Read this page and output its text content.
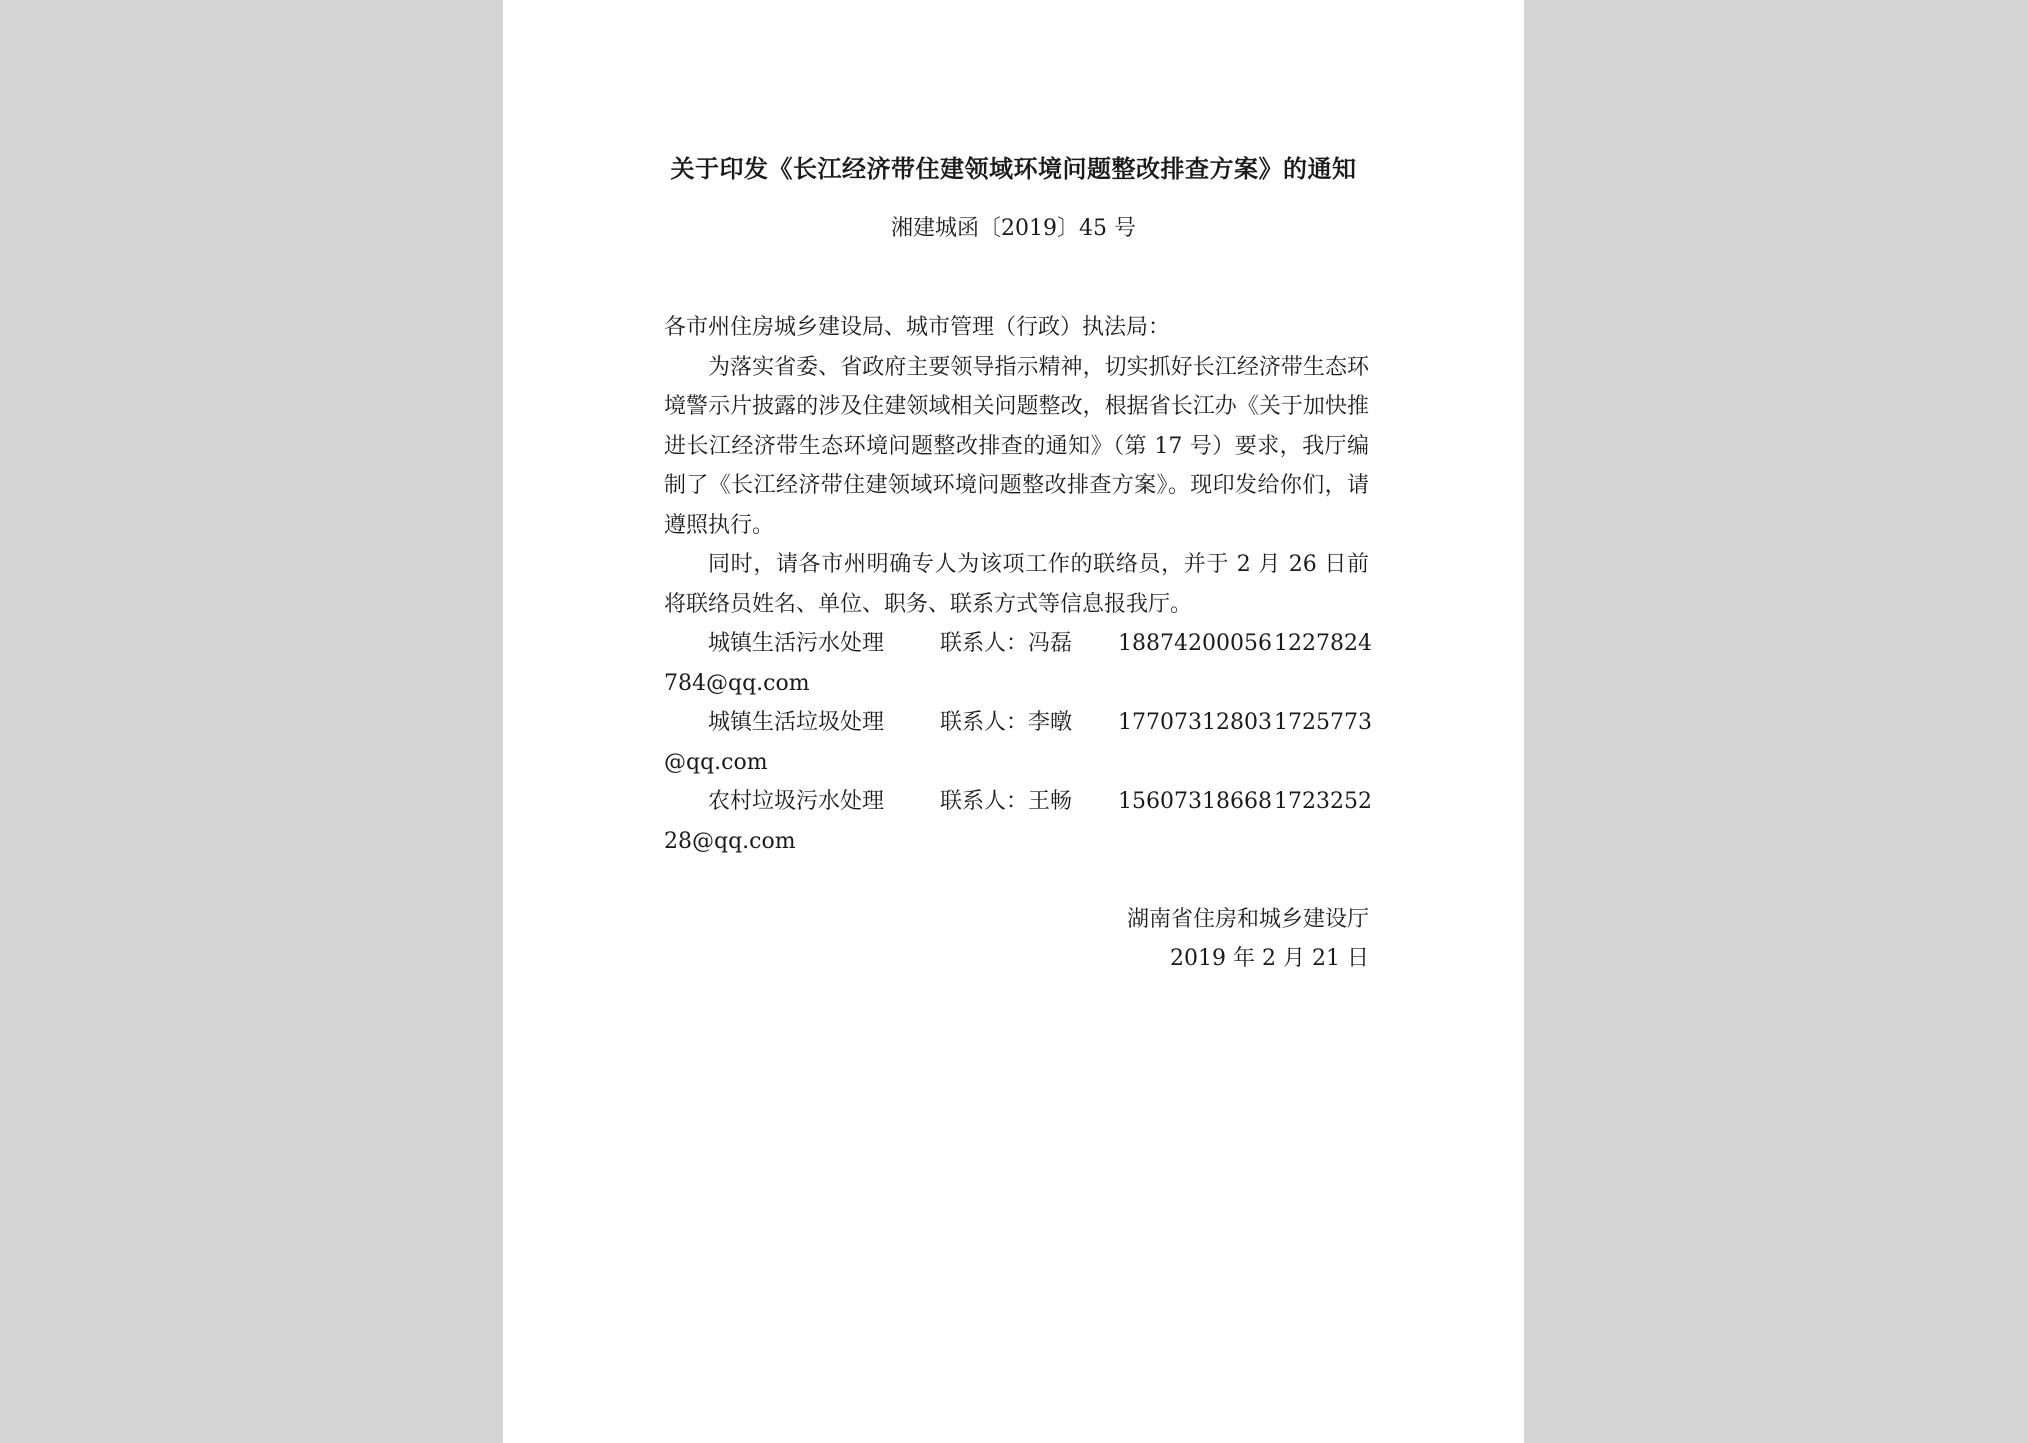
关于印发《长江经济带住建领域环境问题整改排查方案》的通知
湘建城函〔2019〕45 号

各市州住房城乡建设局、城市管理（行政）执法局：

为落实省委、省政府主要领导指示精神，切实抓好长江经济带生态环境警示片披露的涉及住建领域相关问题整改，根据省长江办《关于加快推进长江经济带生态环境问题整改排查的通知》（第 17 号）要求，我厅编制了《长江经济带住建领域环境问题整改排查方案》。现印发给你们，请遵照执行。

同时，请各市州明确专人为该项工作的联络员，并于 2 月 26 日前将联络员姓名、单位、职务、联系方式等信息报我厅。

城镇生活污水处理	联系人：冯磊 188742000561227824

784@qq.com

城镇生活垃圾处理	联系人：李暾 177073128031725773

@qq.com

农村垃圾污水处理	联系人：王畅 156073186681723252

28@qq.com

湖南省住房和城乡建设厅
2019 年 2 月 21 日
